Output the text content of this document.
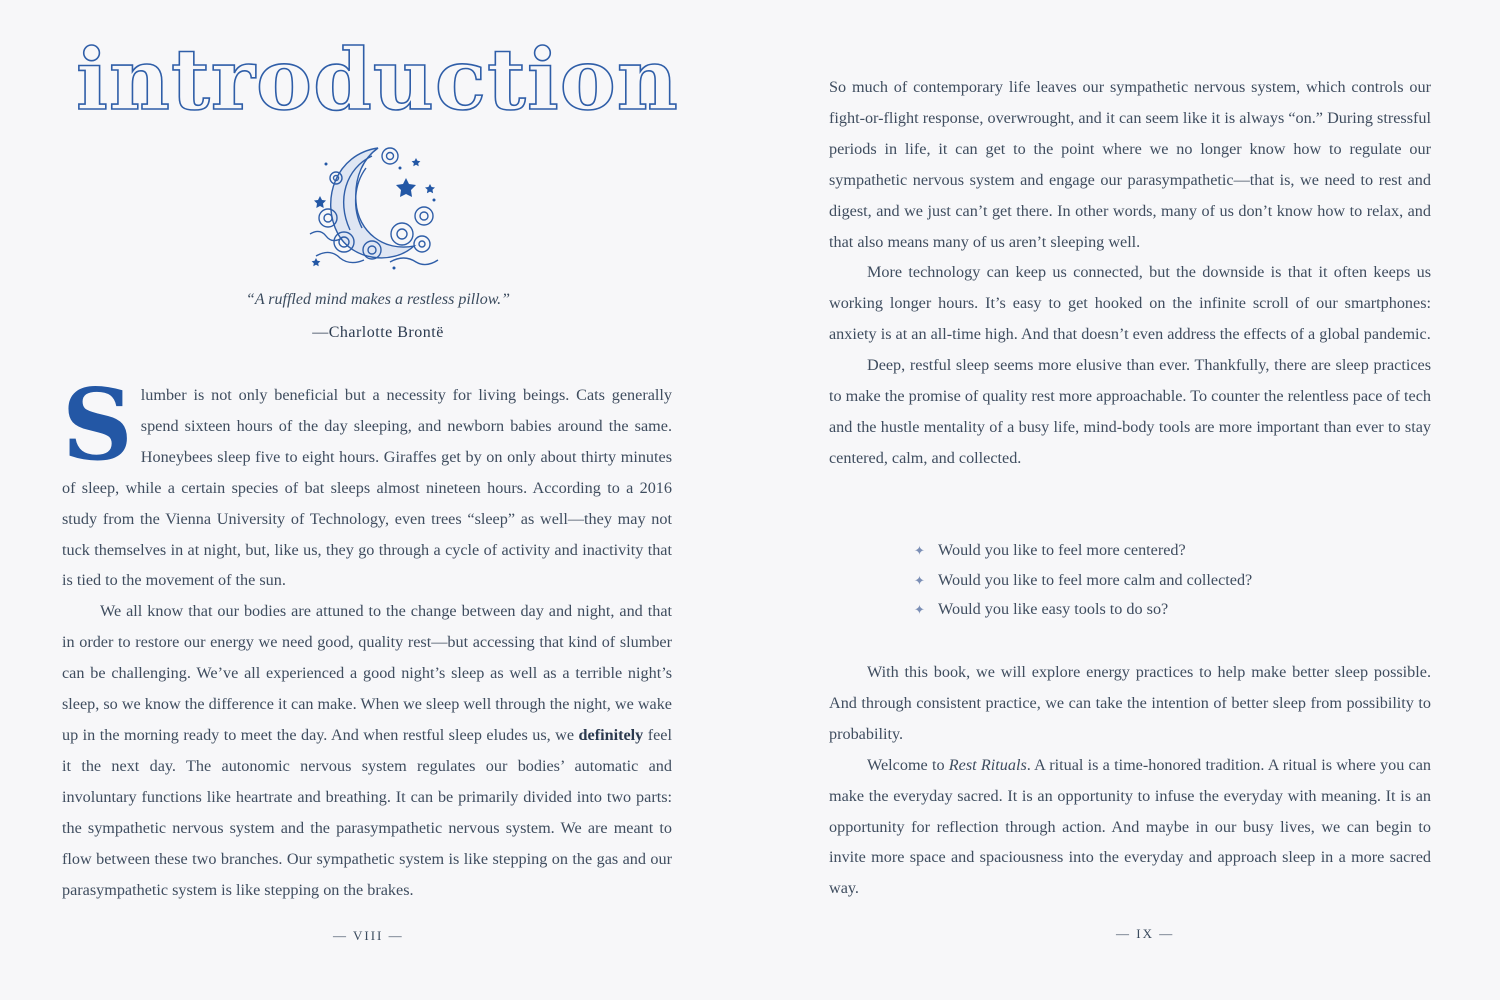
introduction
“A ruffled mind makes a restless pillow.”
—Charlotte Brontë

Slumber is not only beneficial but a necessity for living beings. Cats generally spend sixteen hours of the day sleeping, and newborn babies around the same. Honeybees sleep five to eight hours. Giraffes get by on only about thirty minutes of sleep, while a certain species of bat sleeps almost nineteen hours. According to a 2016 study from the Vienna University of Technology, even trees “sleep” as well—they may not tuck themselves in at night, but, like us, they go through a cycle of activity and inactivity that is tied to the movement of the sun.

We all know that our bodies are attuned to the change between day and night, and that in order to restore our energy we need good, quality rest—but accessing that kind of slumber can be challenging. We’ve all experienced a good night’s sleep as well as a terrible night’s sleep, so we know the difference it can make. When we sleep well through the night, we wake up in the morning ready to meet the day. And when restful sleep eludes us, we definitely feel it the next day. The autonomic nervous system regulates our bodies’ automatic and involuntary functions like heartrate and breathing. It can be primarily divided into two parts: the sympathetic nervous system and the parasympathetic nervous system. We are meant to flow between these two branches. Our sympathetic system is like stepping on the gas and our parasympathetic system is like stepping on the brakes.

— VIII —

So much of contemporary life leaves our sympathetic nervous system, which controls our fight-or-flight response, overwrought, and it can seem like it is always “on.” During stressful periods in life, it can get to the point where we no longer know how to regulate our sympathetic nervous system and engage our parasympathetic—that is, we need to rest and digest, and we just can’t get there. In other words, many of us don’t know how to relax, and that also means many of us aren’t sleeping well.

More technology can keep us connected, but the downside is that it often keeps us working longer hours. It’s easy to get hooked on the infinite scroll of our smartphones: anxiety is at an all-time high. And that doesn’t even address the effects of a global pandemic.

Deep, restful sleep seems more elusive than ever. Thankfully, there are sleep practices to make the promise of quality rest more approachable. To counter the relentless pace of tech and the hustle mentality of a busy life, mind-body tools are more important than ever to stay centered, calm, and collected.

✦ Would you like to feel more centered?
✦ Would you like to feel more calm and collected?
✦ Would you like easy tools to do so?

With this book, we will explore energy practices to help make better sleep possible. And through consistent practice, we can take the intention of better sleep from possibility to probability.

Welcome to Rest Rituals. A ritual is a time-honored tradition. A ritual is where you can make the everyday sacred. It is an opportunity to infuse the everyday with meaning. It is an opportunity for reflection through action. And maybe in our busy lives, we can begin to invite more space and spaciousness into the everyday and approach sleep in a more sacred way.

— IX —
